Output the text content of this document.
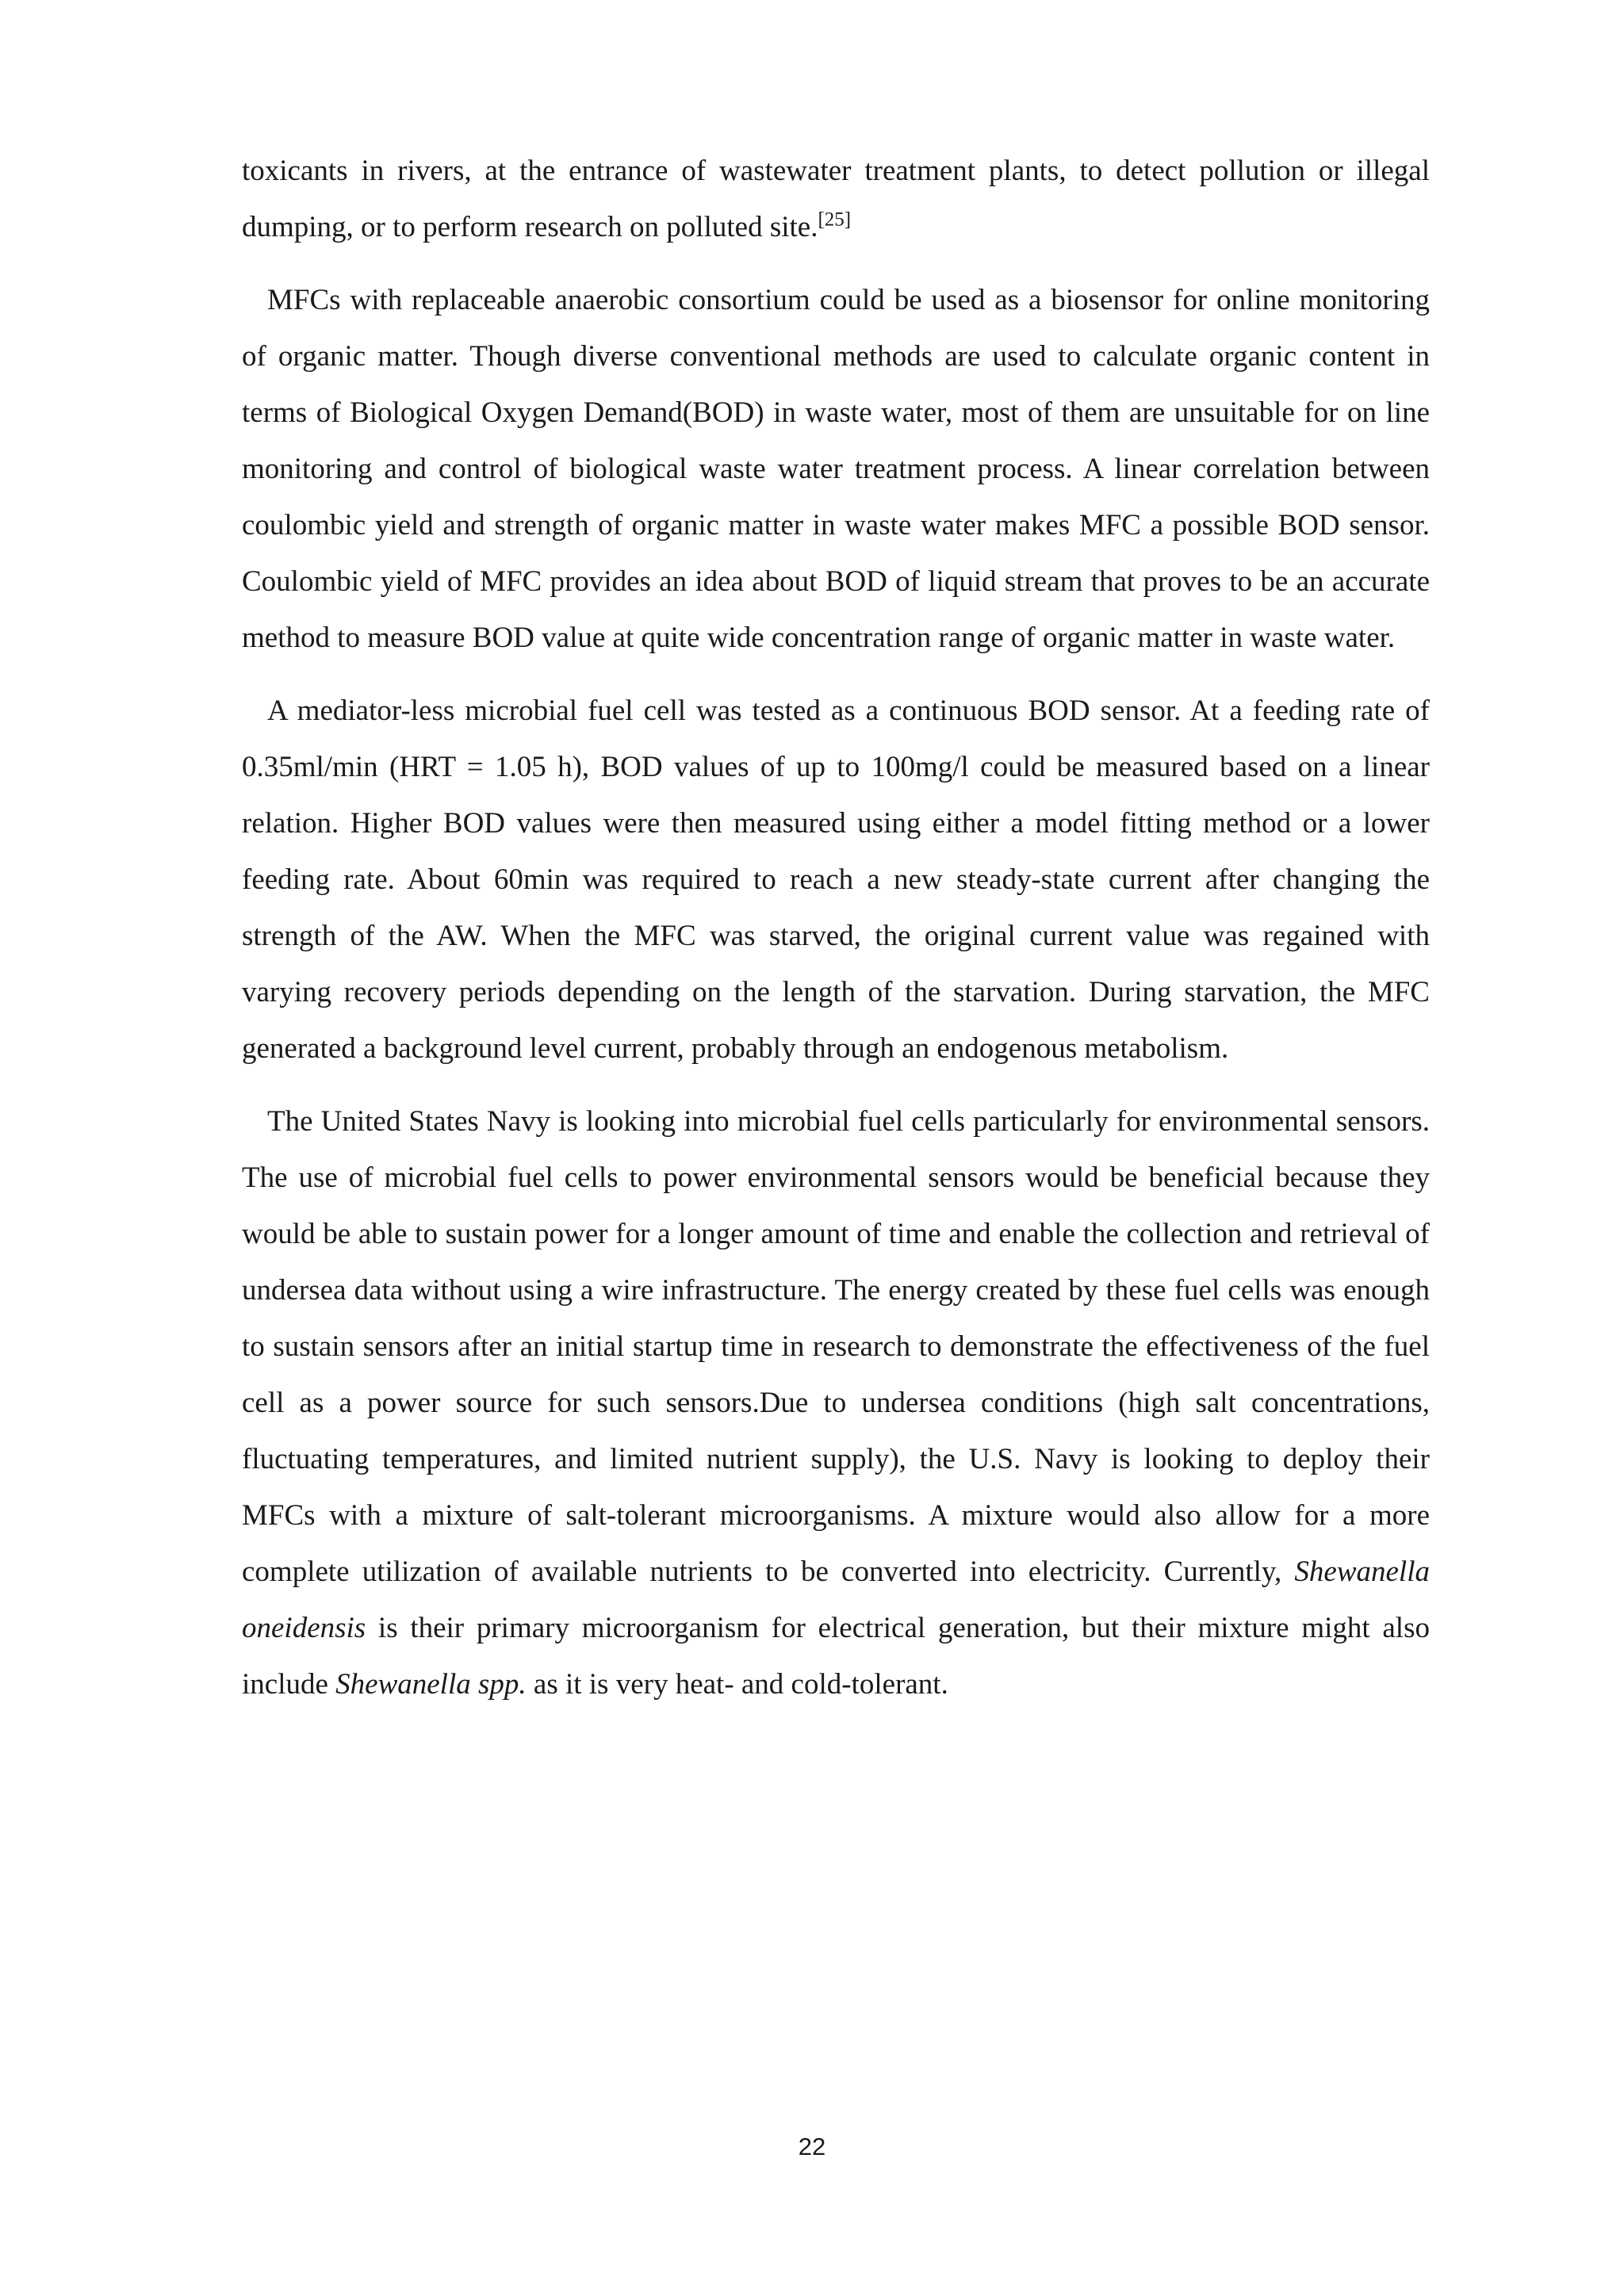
toxicants in rivers, at the entrance of wastewater treatment plants, to detect pollution or illegal dumping, or to perform research on polluted site.[25]

MFCs with replaceable anaerobic consortium could be used as a biosensor for online monitoring of organic matter. Though diverse conventional methods are used to calculate organic content in terms of Biological Oxygen Demand(BOD) in waste water, most of them are unsuitable for on line monitoring and control of biological waste water treatment process. A linear correlation between coulombic yield and strength of organic matter in waste water makes MFC a possible BOD sensor. Coulombic yield of MFC provides an idea about BOD of liquid stream that proves to be an accurate method to measure BOD value at quite wide concentration range of organic matter in waste water.

A mediator-less microbial fuel cell was tested as a continuous BOD sensor. At a feeding rate of 0.35ml/min (HRT = 1.05 h), BOD values of up to 100mg/l could be measured based on a linear relation. Higher BOD values were then measured using either a model fitting method or a lower feeding rate. About 60min was required to reach a new steady-state current after changing the strength of the AW. When the MFC was starved, the original current value was regained with varying recovery periods depending on the length of the starvation. During starvation, the MFC generated a background level current, probably through an endogenous metabolism.

The United States Navy is looking into microbial fuel cells particularly for environmental sensors. The use of microbial fuel cells to power environmental sensors would be beneficial because they would be able to sustain power for a longer amount of time and enable the collection and retrieval of undersea data without using a wire infrastructure. The energy created by these fuel cells was enough to sustain sensors after an initial startup time in research to demonstrate the effectiveness of the fuel cell as a power source for such sensors.Due to undersea conditions (high salt concentrations, fluctuating temperatures, and limited nutrient supply), the U.S. Navy is looking to deploy their MFCs with a mixture of salt-tolerant microorganisms. A mixture would also allow for a more complete utilization of available nutrients to be converted into electricity. Currently, Shewanella oneidensis is their primary microorganism for electrical generation, but their mixture might also include Shewanella spp. as it is very heat- and cold-tolerant.

22
